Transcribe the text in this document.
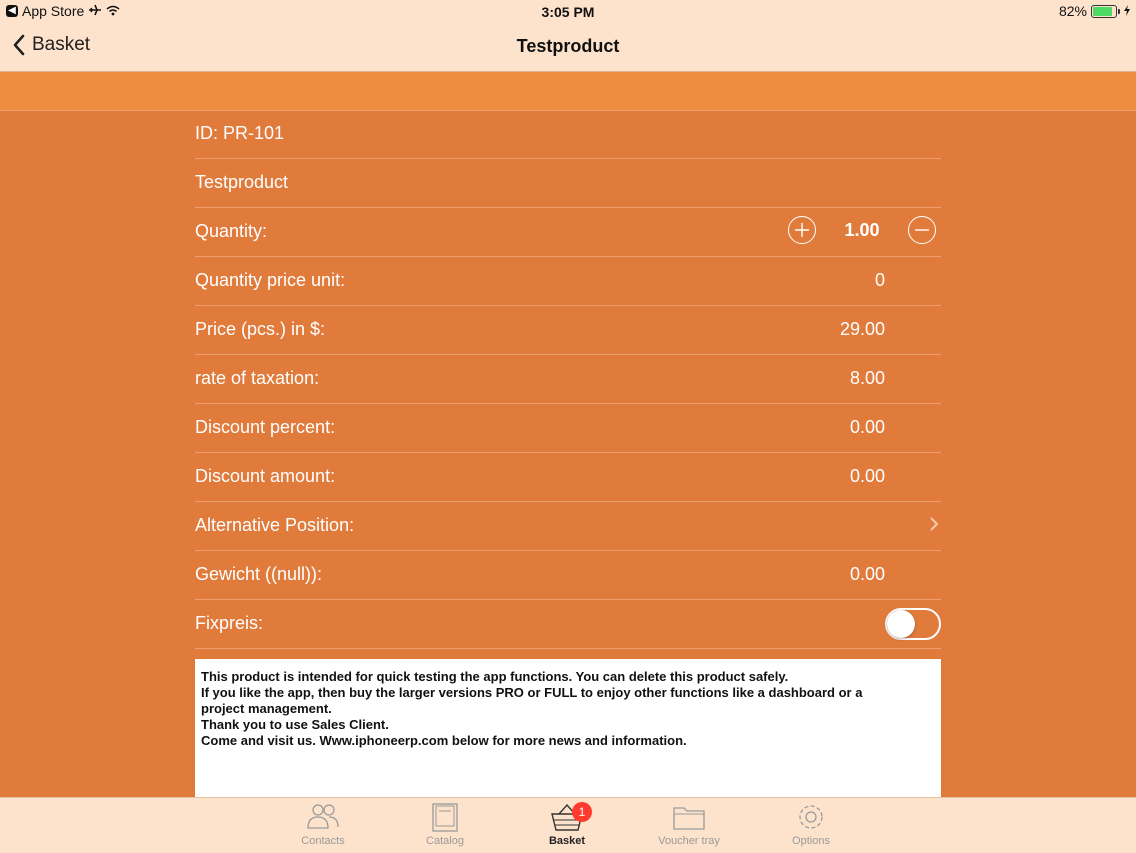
◀ App Store	3:05 PM	82%
Basket	Testproduct
ID: PR-101
Testproduct
Quantity:	1.00
Quantity price unit:	0
Price (pcs.) in $:	29.00
rate of taxation:	8.00
Discount percent:	0.00
Discount amount:	0.00
Alternative Position:
Gewicht ((null)):	0.00
Fixpreis:
This product is intended for quick testing the app functions. You can delete this product safely.
If you like the app, then buy the larger versions PRO or FULL to enjoy other functions like a dashboard or a
project management.
Thank you to use Sales Client.
Come and visit us. Www.iphoneerp.com below for more news and information.
Contacts	Catalog	Basket
1
Voucher tray	Options
